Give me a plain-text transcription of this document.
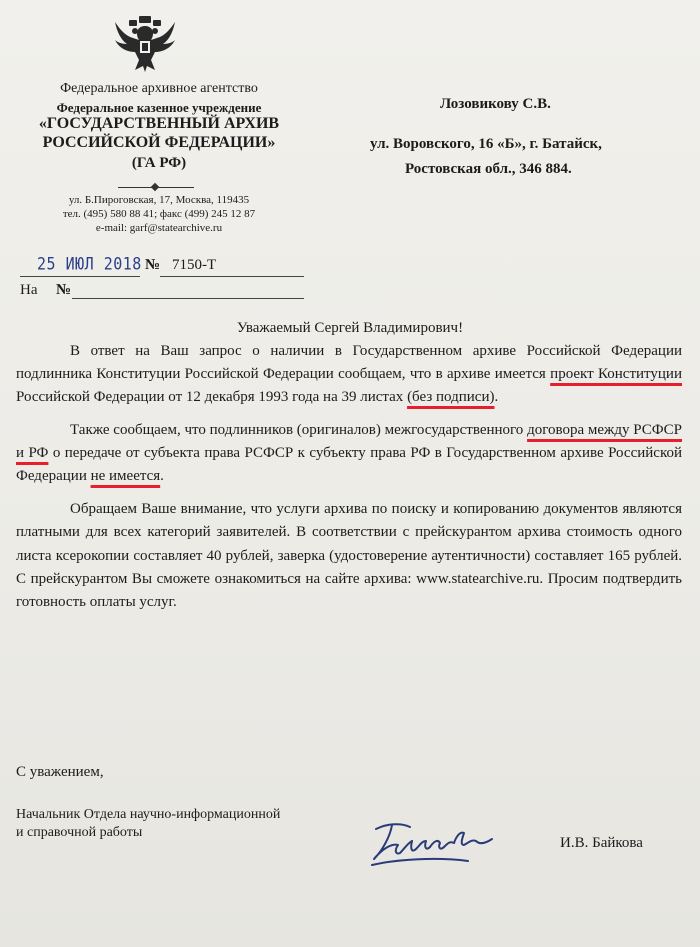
Федеральное архивное агентство
Федеральное казенное учреждение
«ГОСУДАРСТВЕННЫЙ АРХИВ
РОССИЙСКОЙ ФЕДЕРАЦИИ»
(ГА РФ)
ул. Б.Пироговская, 17, Москва, 119435
тел. (495) 580 88 41; факс (499) 245 12 87
e-mail: garf@statearchive.ru
25 ИЮЛ 2018 № 7150-Т
На №
Лозовикову С.В.
ул. Воровского, 16 «Б», г. Батайск,
Ростовская обл., 346 884.
Уважаемый Сергей Владимирович!

В ответ на Ваш запрос о наличии в Государственном архиве Российской Федерации подлинника Конституции Российской Федерации сообщаем, что в архиве имеется проект Конституции Российской Федерации от 12 декабря 1993 года на 39 листах (без подписи).

Также сообщаем, что подлинников (оригиналов) межгосударственного договора между РСФСР и РФ о передаче от субъекта права РСФСР к субъекту права РФ в Государственном архиве Российской Федерации не имеется.

Обращаем Ваше внимание, что услуги архива по поиску и копированию документов являются платными для всех категорий заявителей. В соответствии с прейскурантом архива стоимость одного листа ксерокопии составляет 40 рублей, заверка (удостоверение аутентичности) составляет 165 рублей. С прейскурантом Вы сможете ознакомиться на сайте архива: www.statearchive.ru. Просим подтвердить готовность оплаты услуг.

С уважением,
Начальник Отдела научно-информационной
и справочной работы
И.В. Байкова
